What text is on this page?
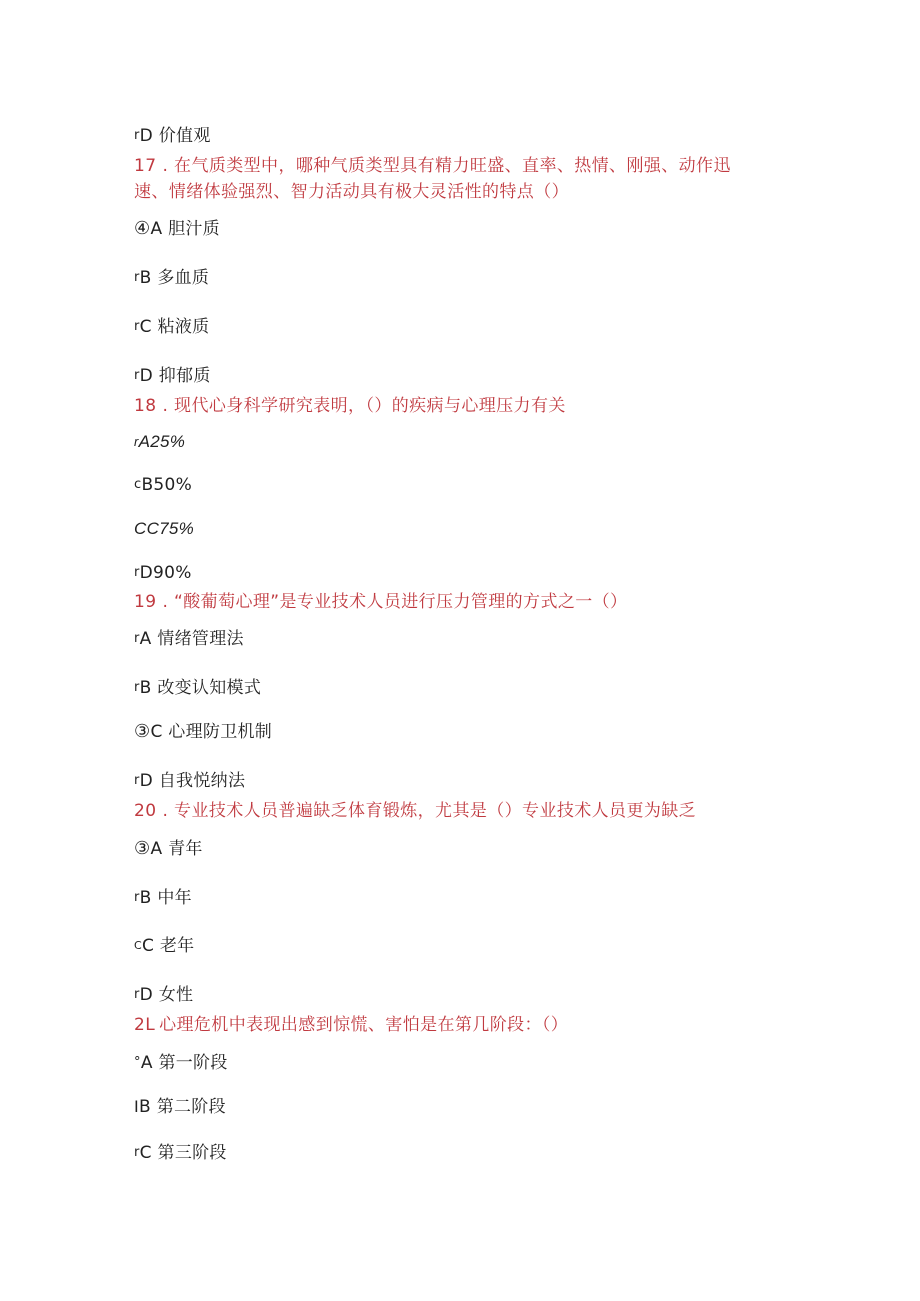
rD 价值观
17 . 在气质类型中，哪种气质类型具有精力旺盛、直率、热情、刚强、动作迅
速、情绪体验强烈、智力活动具有极大灵活性的特点（）
④A 胆汁质
rB 多血质
rC 粘液质
rD 抑郁质
18 . 现代心身科学研究表明，（）的疾病与心理压力有关
rA25%
cB50%
CC75%
rD90%
19 . “酸葡萄心理”是专业技术人员进行压力管理的方式之一（）
rA 情绪管理法
rB 改变认知模式
③C 心理防卫机制
rD 自我悦纳法
20 . 专业技术人员普遍缺乏体育锻炼，尤其是（）专业技术人员更为缺乏
③A 青年
rB 中年
CC 老年
rD 女性
2L 心理危机中表现出感到惊慌、害怕是在第几阶段：（）
°A 第一阶段
IB 第二阶段
rC 第三阶段
